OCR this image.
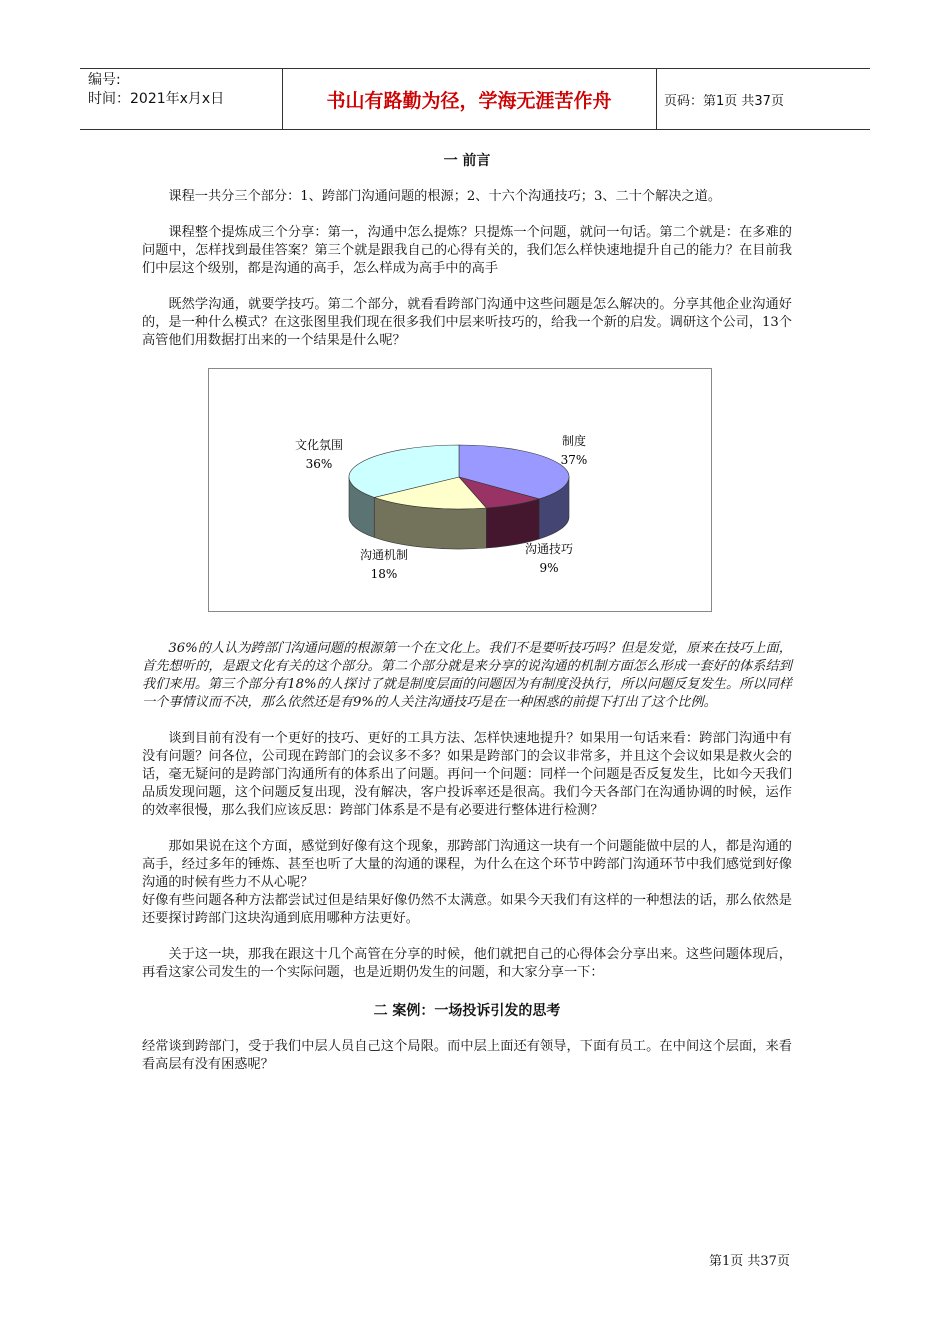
编号:
时间：2021年x月x日	书山有路勤为径，学海无涯苦作舟	页码：第1页 共37页
一 前言

课程一共分三个部分：1、跨部门沟通问题的根源；2、十六个沟通技巧；3、二十个解决之道。

课程整个提炼成三个分享：第一，沟通中怎么提炼？只提炼一个问题，就问一句话。第二个就是：在多难的问题中，怎样找到最佳答案？第三个就是跟我自己的心得有关的，我们怎么样快速地提升自己的能力？在目前我们中层这个级别，都是沟通的高手，怎么样成为高手中的高手

既然学沟通，就要学技巧。第二个部分，就看看跨部门沟通中这些问题是怎么解决的。分享其他企业沟通好的，是一种什么模式？在这张图里我们现在很多我们中层来听技巧的，给我一个新的启发。调研这个公司，13个高管他们用数据打出来的一个结果是什么呢？

制度
37%
沟通技巧
9%
沟通机制
18%
文化氛围
36%

36%的人认为跨部门沟通问题的根源第一个在文化上。我们不是要听技巧吗？但是发觉，原来在技巧上面，首先想听的，是跟文化有关的这个部分。第二个部分就是来分享的说沟通的机制方面怎么形成一套好的体系结到我们来用。第三个部分有18%的人探讨了就是制度层面的问题因为有制度没执行，所以问题反复发生。所以同样一个事情议而不决，那么依然还是有9%的人关注沟通技巧是在一种困惑的前提下打出了这个比例。

谈到目前有没有一个更好的技巧、更好的工具方法、怎样快速地提升？如果用一句话来看：跨部门沟通中有没有问题？问各位，公司现在跨部门的会议多不多？如果是跨部门的会议非常多，并且这个会议如果是救火会的话，毫无疑问的是跨部门沟通所有的体系出了问题。再问一个问题：同样一个问题是否反复发生，比如今天我们品质发现问题，这个问题反复出现，没有解决，客户投诉率还是很高。我们今天各部门在沟通协调的时候，运作的效率很慢，那么我们应该反思：跨部门体系是不是有必要进行整体进行检测？

那如果说在这个方面，感觉到好像有这个现象，那跨部门沟通这一块有一个问题能做中层的人，都是沟通的高手，经过多年的锤炼、甚至也听了大量的沟通的课程，为什么在这个环节中跨部门沟通环节中我们感觉到好像沟通的时候有些力不从心呢？

好像有些问题各种方法都尝试过但是结果好像仍然不太满意。如果今天我们有这样的一种想法的话，那么依然是还要探讨跨部门这块沟通到底用哪种方法更好。

关于这一块，那我在跟这十几个高管在分享的时候，他们就把自己的心得体会分享出来。这些问题体现后，再看这家公司发生的一个实际问题，也是近期仍发生的问题，和大家分享一下：

二 案例：一场投诉引发的思考

经常谈到跨部门，受于我们中层人员自己这个局限。而中层上面还有领导，下面有员工。在中间这个层面，来看看高层有没有困惑呢？

第1页 共37页
